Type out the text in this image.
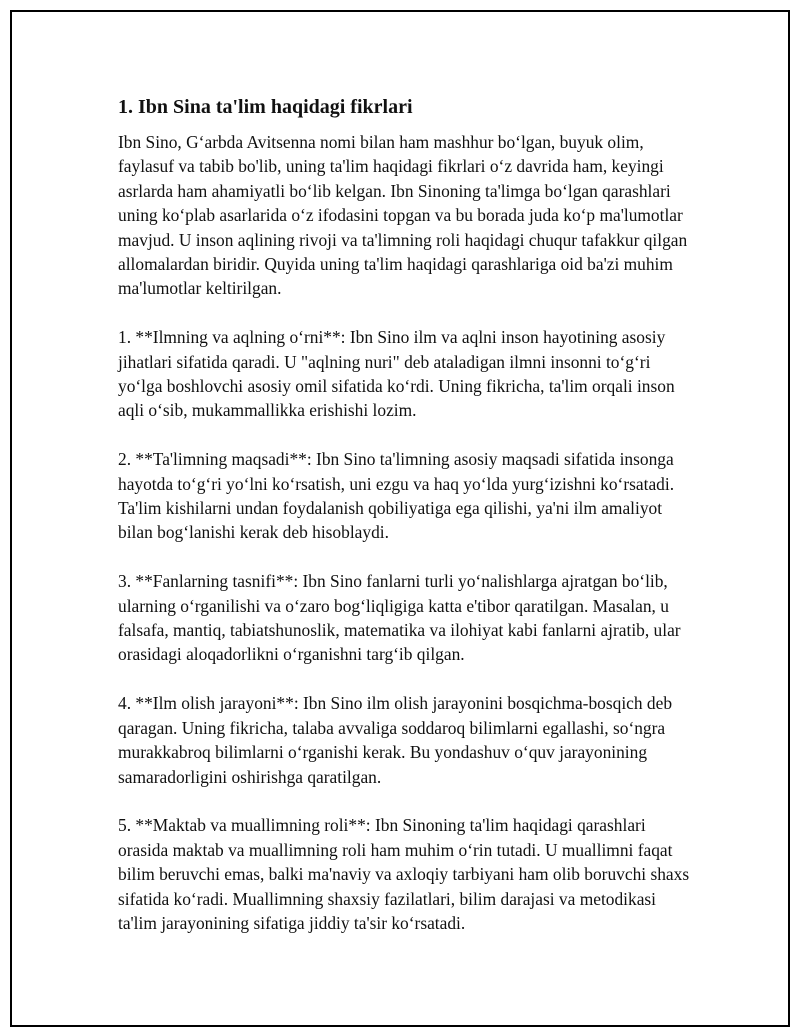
1. Ibn Sina ta'lim haqidagi fikrlari

Ibn Sino, G‘arbda Avitsenna nomi bilan ham mashhur bo‘lgan, buyuk olim, faylasuf va tabib bo'lib, uning ta'lim haqidagi fikrlari o‘z davrida ham, keyingi asrlarda ham ahamiyatli bo‘lib kelgan. Ibn Sinoning ta'limga bo‘lgan qarashlari uning ko‘plab asarlarida o‘z ifodasini topgan va bu borada juda ko‘p ma'lumotlar mavjud. U inson aqlining rivoji va ta'limning roli haqidagi chuqur tafakkur qilgan allomalardan biridir. Quyida uning ta'lim haqidagi qarashlariga oid ba'zi muhim ma'lumotlar keltirilgan.

1. **Ilmning va aqlning o‘rni**: Ibn Sino ilm va aqlni inson hayotining asosiy jihatlari sifatida qaradi. U "aqlning nuri" deb ataladigan ilmni insonni to‘g‘ri yo‘lga boshlovchi asosiy omil sifatida ko‘rdi. Uning fikricha, ta'lim orqali inson aqli o‘sib, mukammallikka erishishi lozim.

2. **Ta'limning maqsadi**: Ibn Sino ta'limning asosiy maqsadi sifatida insonga hayotda to‘g‘ri yo‘lni ko‘rsatish, uni ezgu va haq yo‘lda yurg‘izishni ko‘rsatadi. Ta'lim kishilarni undan foydalanish qobiliyatiga ega qilishi, ya'ni ilm amaliyot bilan bog‘lanishi kerak deb hisoblaydi.

3. **Fanlarning tasnifi**: Ibn Sino fanlarni turli yo‘nalishlarga ajratgan bo‘lib, ularning o‘rganilishi va o‘zaro bog‘liqligiga katta e'tibor qaratilgan. Masalan, u falsafa, mantiq, tabiatshunoslik, matematika va ilohiyat kabi fanlarni ajratib, ular orasidagi aloqadorlikni o‘rganishni targ‘ib qilgan.

4. **Ilm olish jarayoni**: Ibn Sino ilm olish jarayonini bosqichma-bosqich deb qaragan. Uning fikricha, talaba avvaliga soddaroq bilimlarni egallashi, so‘ngra murakkabroq bilimlarni o‘rganishi kerak. Bu yondashuv o‘quv jarayonining samaradorligini oshirishga qaratilgan.

5. **Maktab va muallimning roli**: Ibn Sinoning ta'lim haqidagi qarashlari orasida maktab va muallimning roli ham muhim o‘rin tutadi. U muallimni faqat bilim beruvchi emas, balki ma'naviy va axloqiy tarbiyani ham olib boruvchi shaxs sifatida ko‘radi. Muallimning shaxsiy fazilatlari, bilim darajasi va metodikasi ta'lim jarayonining sifatiga jiddiy ta'sir ko‘rsatadi.
